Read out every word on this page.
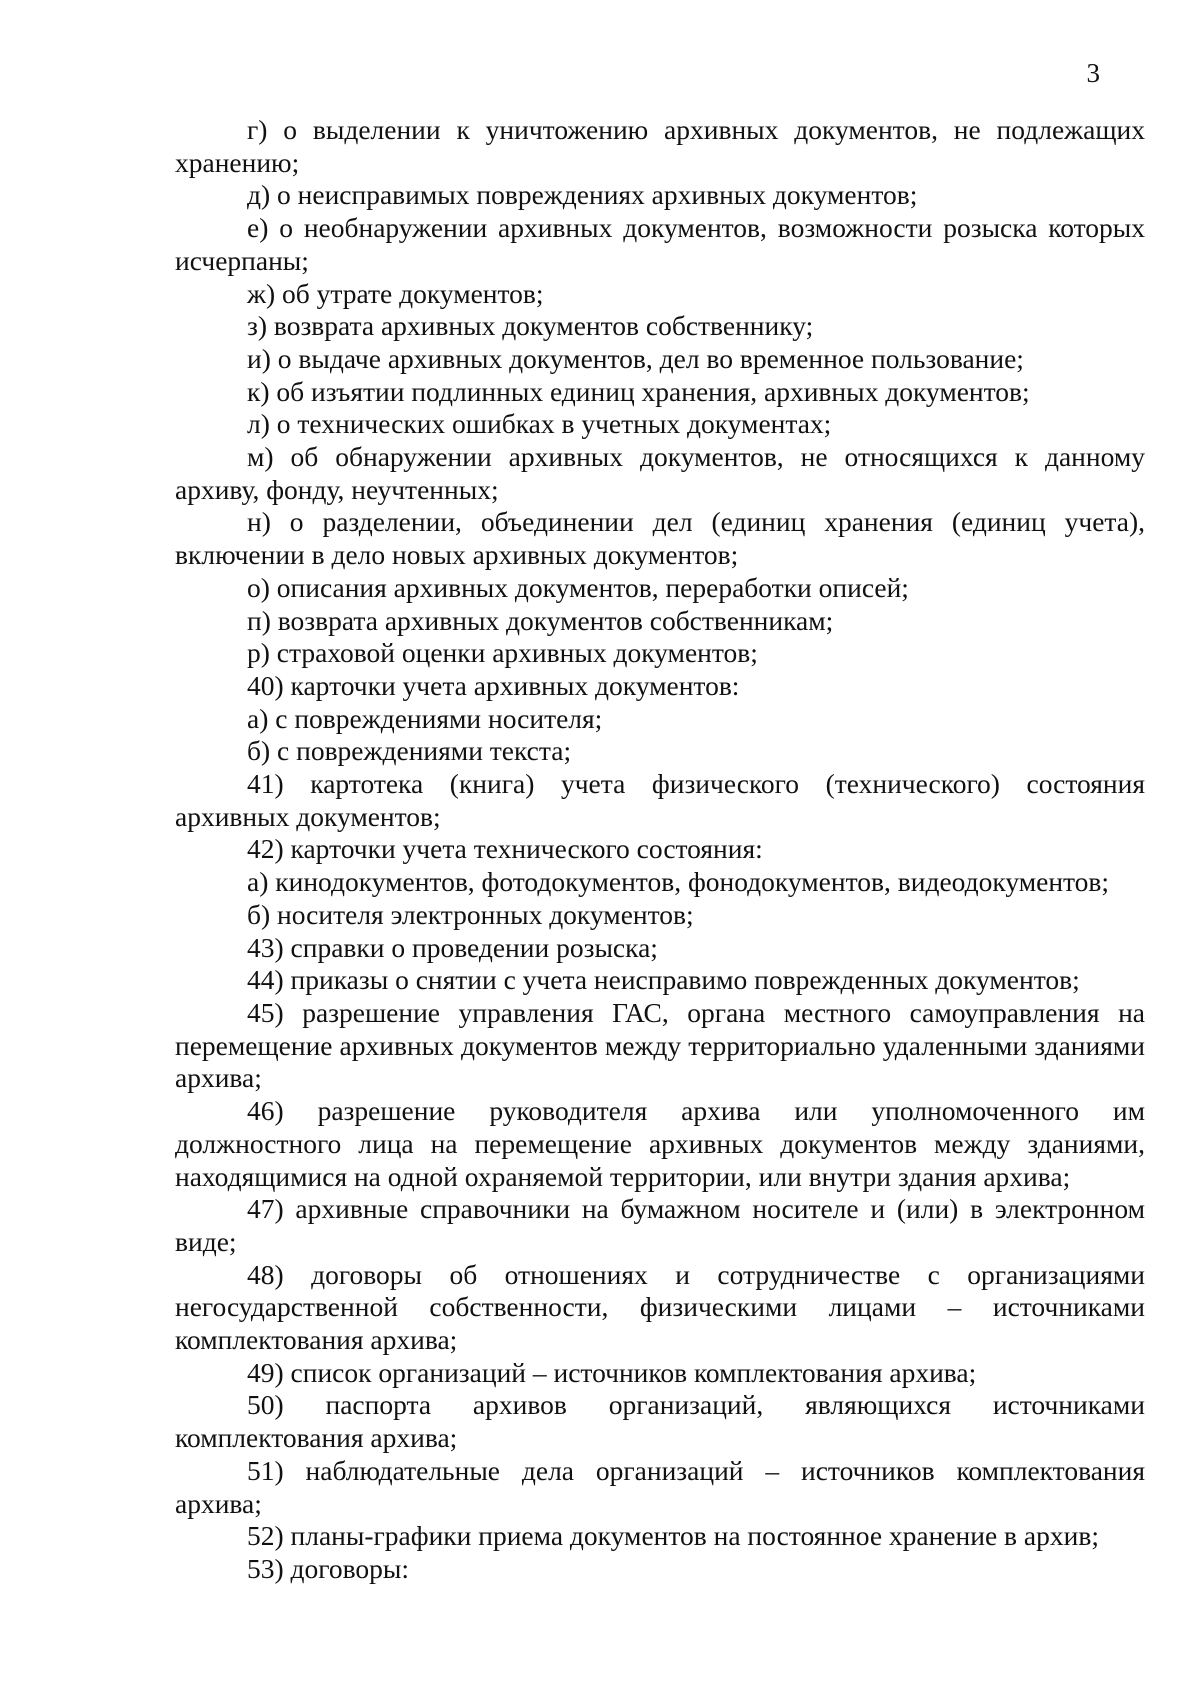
3

г) о выделении к уничтожению архивных документов, не подлежащих хранению;

д) о неисправимых повреждениях архивных документов;

е) о необнаружении архивных документов, возможности розыска которых исчерпаны;

ж) об утрате документов;

з) возврата архивных документов собственнику;

и) о выдаче архивных документов, дел во временное пользование;

к) об изъятии подлинных единиц хранения, архивных документов;

л) о технических ошибках в учетных документах;

м) об обнаружении архивных документов, не относящихся к данному архиву, фонду, неучтенных;

н) о разделении, объединении дел (единиц хранения (единиц учета), включении в дело новых архивных документов;

о) описания архивных документов, переработки описей;

п) возврата архивных документов собственникам;

р) страховой оценки архивных документов;

40) карточки учета архивных документов:

а) с повреждениями носителя;

б) с повреждениями текста;

41) картотека (книга) учета физического (технического) состояния архивных документов;

42) карточки учета технического состояния:

а) кинодокументов, фотодокументов, фонодокументов, видеодокументов;

б) носителя электронных документов;

43) справки о проведении розыска;

44) приказы о снятии с учета неисправимо поврежденных документов;

45) разрешение управления ГАС, органа местного самоуправления на перемещение архивных документов между территориально удаленными зданиями архива;

46) разрешение руководителя архива или уполномоченного им должностного лица на перемещение архивных документов между зданиями, находящимися на одной охраняемой территории, или внутри здания архива;

47) архивные справочники на бумажном носителе и (или) в электронном виде;

48) договоры об отношениях и сотрудничестве с организациями негосударственной собственности, физическими лицами – источниками комплектования архива;

49) список организаций – источников комплектования архива;

50) паспорта архивов организаций, являющихся источниками комплектования архива;

51) наблюдательные дела организаций – источников комплектования архива;

52) планы-графики приема документов на постоянное хранение в архив;

53) договоры:
